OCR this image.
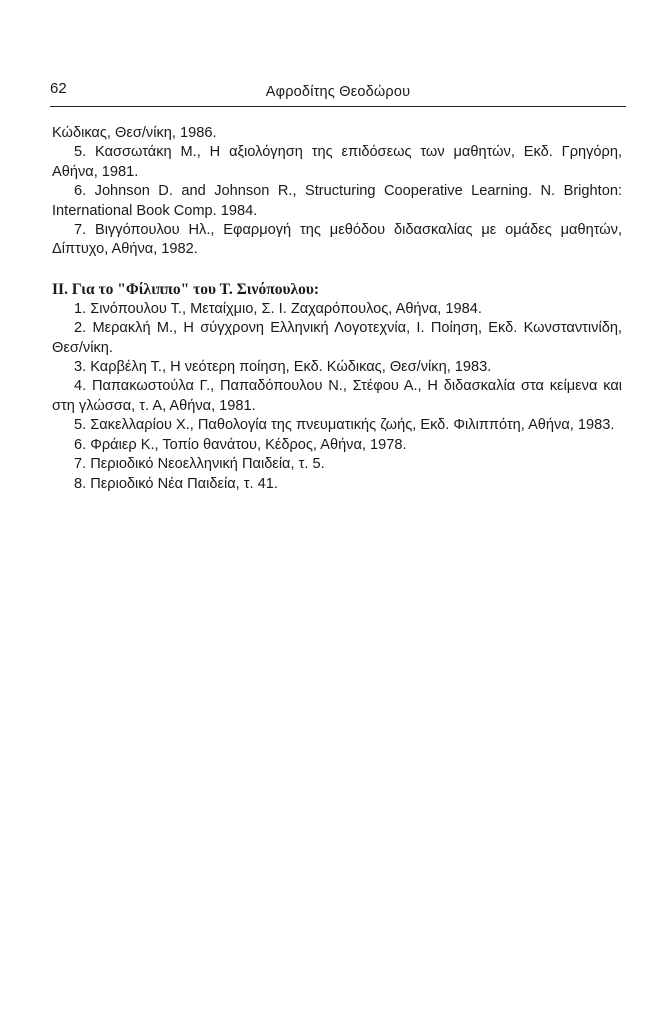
62	Αφροδίτης Θεοδώρου

Κώδικας, Θεσ/νίκη, 1986.

5. Κασσωτάκη Μ., Η αξιολόγηση της επιδόσεως των μαθητών, Εκδ. Γρηγόρη, Αθήνα, 1981.

6. Johnson D. and Johnson R., Structuring Cooperative Learning. N. Brighton: International Book Comp. 1984.

7. Βιγγόπουλου Ηλ., Εφαρμογή της μεθόδου διδασκαλίας με ομάδες μαθητών, Δίπτυχο, Αθήνα, 1982.

ΙΙ. Για το "Φίλιππο" του Τ. Σινόπουλου:

1. Σινόπουλου Τ., Μεταίχμιο, Σ. Ι. Ζαχαρόπουλος, Αθήνα, 1984.

2. Μερακλή Μ., Η σύγχρονη Ελληνική Λογοτεχνία, Ι. Ποίηση, Εκδ. Κωνσταντινίδη, Θεσ/νίκη.

3. Καρβέλη Τ., Η νεότερη ποίηση, Εκδ. Κώδικας, Θεσ/νίκη, 1983.

4. Παπακωστούλα Γ., Παπαδόπουλου Ν., Στέφου Α., Η διδασκαλία στα κείμενα και στη γλώσσα, τ. Α, Αθήνα, 1981.

5. Σακελλαρίου Χ., Παθολογία της πνευματικής ζωής, Εκδ. Φιλιππότη, Αθήνα, 1983.

6. Φράιερ Κ., Τοπίο θανάτου, Κέδρος, Αθήνα, 1978.

7. Περιοδικό Νεοελληνική Παιδεία, τ. 5.

8. Περιοδικό Νέα Παιδεία, τ. 41.
